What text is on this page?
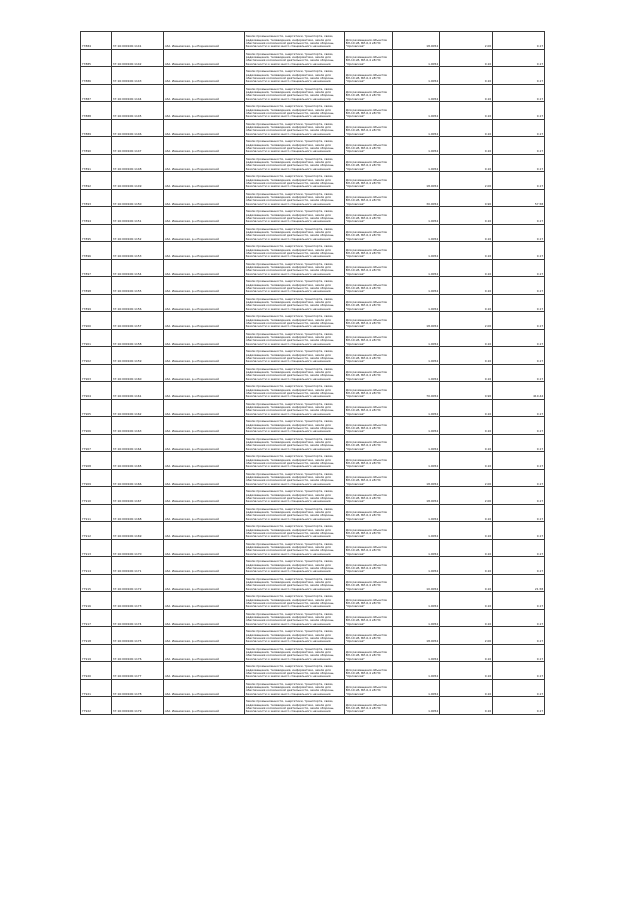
77884	37:16:000106:1141	обл. Ивановская, р-н Родниковский	Земли промышленности, энергетики, транспорта, связи, радиовещания, телевидения, информатики, земли для обеспечения космической деятельности, земли обороны, безопасности и земли иного специального назначения	Для размещения объектов ВЛ-10 кВ, ВЛ-0,4 кВ ПС "Орловская"	18.0054	2.00	0.17
77885	37:16:000106:1142	обл. Ивановская, р-н Родниковский	Земли промышленности, энергетики, транспорта, связи, радиовещания, телевидения, информатики, земли для обеспечения космической деятельности, земли обороны, безопасности и земли иного специального назначения	Для размещения объектов ВЛ-10 кВ, ВЛ-0,4 кВ ПС "Орловская"	1.0054	0.10	0.17
77886	37:16:000106:1143	обл. Ивановская, р-н Родниковский	Земли промышленности, энергетики, транспорта, связи, радиовещания, телевидения, информатики, земли для обеспечения космической деятельности, земли обороны, безопасности и земли иного специального назначения	Для размещения объектов ВЛ-10 кВ, ВЛ-0,4 кВ ПС "Орловская"	1.0054	0.10	0.17
77887	37:16:000106:1144	обл. Ивановская, р-н Родниковский	Земли промышленности, энергетики, транспорта, связи, радиовещания, телевидения, информатики, земли для обеспечения космической деятельности, земли обороны, безопасности и земли иного специального назначения	Для размещения объектов ВЛ-10 кВ, ВЛ-0,4 кВ ПС "Орловская"	1.0054	0.10	0.17
77888	37:16:000106:1145	обл. Ивановская, р-н Родниковский	Земли промышленности, энергетики, транспорта, связи, радиовещания, телевидения, информатики, земли для обеспечения космической деятельности, земли обороны, безопасности и земли иного специального назначения	Для размещения объектов ВЛ-10 кВ, ВЛ-0,4 кВ ПС "Орловская"	1.0054	0.10	0.17
77889	37:16:000106:1146	обл. Ивановская, р-н Родниковский	Земли промышленности, энергетики, транспорта, связи, радиовещания, телевидения, информатики, земли для обеспечения космической деятельности, земли обороны, безопасности и земли иного специального назначения	Для размещения объектов ВЛ-10 кВ, ВЛ-0,4 кВ ПС "Орловская"	1.0054	0.10	0.17
77890	37:16:000106:1147	обл. Ивановская, р-н Родниковский	Земли промышленности, энергетики, транспорта, связи, радиовещания, телевидения, информатики, земли для обеспечения космической деятельности, земли обороны, безопасности и земли иного специального назначения	Для размещения объектов ВЛ-10 кВ, ВЛ-0,4 кВ ПС "Орловская"	1.0054	0.10	0.17
77891	37:16:000106:1148	обл. Ивановская, р-н Родниковский	Земли промышленности, энергетики, транспорта, связи, радиовещания, телевидения, информатики, земли для обеспечения космической деятельности, земли обороны, безопасности и земли иного специального назначения	Для размещения объектов ВЛ-10 кВ, ВЛ-0,4 кВ ПС "Орловская"	1.0054	0.10	0.17
77892	37:16:000106:1149	обл. Ивановская, р-н Родниковский	Земли промышленности, энергетики, транспорта, связи, радиовещания, телевидения, информатики, земли для обеспечения космической деятельности, земли обороны, безопасности и земли иного специального назначения	Для размещения объектов ВЛ-10 кВ, ВЛ-0,4 кВ ПС "Орловская"	18.0054	2.00	0.17
77893	37:16:000106:1150	обл. Ивановская, р-н Родниковский	Земли промышленности, энергетики, транспорта, связи, радиовещания, телевидения, информатики, земли для обеспечения космической деятельности, земли обороны, безопасности и земли иного специального назначения	Для размещения объектов ВЛ-10 кВ, ВЛ-0,4 кВ ПС "Орловская"	30.0054	0.90	57.58
77894	37:16:000106:1151	обл. Ивановская, р-н Родниковский	Земли промышленности, энергетики, транспорта, связи, радиовещания, телевидения, информатики, земли для обеспечения космической деятельности, земли обороны, безопасности и земли иного специального назначения	Для размещения объектов ВЛ-10 кВ, ВЛ-0,4 кВ ПС "Орловская"	1.0054	0.10	0.17
77895	37:16:000106:1152	обл. Ивановская, р-н Родниковский	Земли промышленности, энергетики, транспорта, связи, радиовещания, телевидения, информатики, земли для обеспечения космической деятельности, земли обороны, безопасности и земли иного специального назначения	Для размещения объектов ВЛ-10 кВ, ВЛ-0,4 кВ ПС "Орловская"	1.0054	0.10	0.17
77896	37:16:000106:1153	обл. Ивановская, р-н Родниковский	Земли промышленности, энергетики, транспорта, связи, радиовещания, телевидения, информатики, земли для обеспечения космической деятельности, земли обороны, безопасности и земли иного специального назначения	Для размещения объектов ВЛ-10 кВ, ВЛ-0,4 кВ ПС "Орловская"	1.0054	0.10	0.17
77897	37:16:000106:1154	обл. Ивановская, р-н Родниковский	Земли промышленности, энергетики, транспорта, связи, радиовещания, телевидения, информатики, земли для обеспечения космической деятельности, земли обороны, безопасности и земли иного специального назначения	Для размещения объектов ВЛ-10 кВ, ВЛ-0,4 кВ ПС "Орловская"	1.0054	0.10	0.17
77898	37:16:000106:1155	обл. Ивановская, р-н Родниковский	Земли промышленности, энергетики, транспорта, связи, радиовещания, телевидения, информатики, земли для обеспечения космической деятельности, земли обороны, безопасности и земли иного специального назначения	Для размещения объектов ВЛ-10 кВ, ВЛ-0,4 кВ ПС "Орловская"	1.0054	0.10	0.17
77899	37:16:000106:1156	обл. Ивановская, р-н Родниковский	Земли промышленности, энергетики, транспорта, связи, радиовещания, телевидения, информатики, земли для обеспечения космической деятельности, земли обороны, безопасности и земли иного специального назначения	Для размещения объектов ВЛ-10 кВ, ВЛ-0,4 кВ ПС "Орловская"	1.0054	0.10	0.17
77900	37:16:000106:1157	обл. Ивановская, р-н Родниковский	Земли промышленности, энергетики, транспорта, связи, радиовещания, телевидения, информатики, земли для обеспечения космической деятельности, земли обороны, безопасности и земли иного специального назначения	Для размещения объектов ВЛ-10 кВ, ВЛ-0,4 кВ ПС "Орловская"	18.0054	2.00	0.17
77901	37:16:000106:1158	обл. Ивановская, р-н Родниковский	Земли промышленности, энергетики, транспорта, связи, радиовещания, телевидения, информатики, земли для обеспечения космической деятельности, земли обороны, безопасности и земли иного специального назначения	Для размещения объектов ВЛ-10 кВ, ВЛ-0,4 кВ ПС "Орловская"	1.0054	0.10	0.17
77902	37:16:000106:1159	обл. Ивановская, р-н Родниковский	Земли промышленности, энергетики, транспорта, связи, радиовещания, телевидения, информатики, земли для обеспечения космической деятельности, земли обороны, безопасности и земли иного специального назначения	Для размещения объектов ВЛ-10 кВ, ВЛ-0,4 кВ ПС "Орловская"	1.0054	0.10	0.17
77903	37:16:000106:1160	обл. Ивановская, р-н Родниковский	Земли промышленности, энергетики, транспорта, связи, радиовещания, телевидения, информатики, земли для обеспечения космической деятельности, земли обороны, безопасности и земли иного специального назначения	Для размещения объектов ВЛ-10 кВ, ВЛ-0,4 кВ ПС "Орловская"	1.0054	0.10	0.17
77904	37:16:000106:1161	обл. Ивановская, р-н Родниковский	Земли промышленности, энергетики, транспорта, связи, радиовещания, телевидения, информатики, земли для обеспечения космической деятельности, земли обороны, безопасности и земли иного специального назначения	Для размещения объектов ВЛ-10 кВ, ВЛ-0,4 кВ ПС "Орловская"	70.0054	0.90	410.44
77905	37:16:000106:1162	обл. Ивановская, р-н Родниковский	Земли промышленности, энергетики, транспорта, связи, радиовещания, телевидения, информатики, земли для обеспечения космической деятельности, земли обороны, безопасности и земли иного специального назначения	Для размещения объектов ВЛ-10 кВ, ВЛ-0,4 кВ ПС "Орловская"	1.0054	0.10	0.17
77906	37:16:000106:1163	обл. Ивановская, р-н Родниковский	Земли промышленности, энергетики, транспорта, связи, радиовещания, телевидения, информатики, земли для обеспечения космической деятельности, земли обороны, безопасности и земли иного специального назначения	Для размещения объектов ВЛ-10 кВ, ВЛ-0,4 кВ ПС "Орловская"	1.0054	0.10	0.17
77907	37:16:000106:1164	обл. Ивановская, р-н Родниковский	Земли промышленности, энергетики, транспорта, связи, радиовещания, телевидения, информатики, земли для обеспечения космической деятельности, земли обороны, безопасности и земли иного специального назначения	Для размещения объектов ВЛ-10 кВ, ВЛ-0,4 кВ ПС "Орловская"	1.0054	0.10	0.17
77908	37:16:000106:1165	обл. Ивановская, р-н Родниковский	Земли промышленности, энергетики, транспорта, связи, радиовещания, телевидения, информатики, земли для обеспечения космической деятельности, земли обороны, безопасности и земли иного специального назначения	Для размещения объектов ВЛ-10 кВ, ВЛ-0,4 кВ ПС "Орловская"	1.0054	0.10	0.17
77909	37:16:000106:1166	обл. Ивановская, р-н Родниковский	Земли промышленности, энергетики, транспорта, связи, радиовещания, телевидения, информатики, земли для обеспечения космической деятельности, земли обороны, безопасности и земли иного специального назначения	Для размещения объектов ВЛ-10 кВ, ВЛ-0,4 кВ ПС "Орловская"	18.0054	2.00	0.17
77910	37:16:000106:1167	обл. Ивановская, р-н Родниковский	Земли промышленности, энергетики, транспорта, связи, радиовещания, телевидения, информатики, земли для обеспечения космической деятельности, земли обороны, безопасности и земли иного специального назначения	Для размещения объектов ВЛ-10 кВ, ВЛ-0,4 кВ ПС "Орловская"	18.0054	2.00	0.17
77911	37:16:000106:1168	обл. Ивановская, р-н Родниковский	Земли промышленности, энергетики, транспорта, связи, радиовещания, телевидения, информатики, земли для обеспечения космической деятельности, земли обороны, безопасности и земли иного специального назначения	Для размещения объектов ВЛ-10 кВ, ВЛ-0,4 кВ ПС "Орловская"	1.0054	0.10	0.17
77912	37:16:000106:1169	обл. Ивановская, р-н Родниковский	Земли промышленности, энергетики, транспорта, связи, радиовещания, телевидения, информатики, земли для обеспечения космической деятельности, земли обороны, безопасности и земли иного специального назначения	Для размещения объектов ВЛ-10 кВ, ВЛ-0,4 кВ ПС "Орловская"	1.0054	0.10	0.17
77913	37:16:000106:1170	обл. Ивановская, р-н Родниковский	Земли промышленности, энергетики, транспорта, связи, радиовещания, телевидения, информатики, земли для обеспечения космической деятельности, земли обороны, безопасности и земли иного специального назначения	Для размещения объектов ВЛ-10 кВ, ВЛ-0,4 кВ ПС "Орловская"	1.0054	0.10	0.17
77914	37:16:000106:1171	обл. Ивановская, р-н Родниковский	Земли промышленности, энергетики, транспорта, связи, радиовещания, телевидения, информатики, земли для обеспечения космической деятельности, земли обороны, безопасности и земли иного специального назначения	Для размещения объектов ВЛ-10 кВ, ВЛ-0,4 кВ ПС "Орловская"	1.0054	0.10	0.17
77915	37:16:000106:1172	обл. Ивановская, р-н Родниковский	Земли промышленности, энергетики, транспорта, связи, радиовещания, телевидения, информатики, земли для обеспечения космической деятельности, земли обороны, безопасности и земли иного специального назначения	Для размещения объектов ВЛ-10 кВ, ВЛ-0,4 кВ ПС "Орловская"	10.0054	0.10	21.58
77916	37:16:000106:1173	обл. Ивановская, р-н Родниковский	Земли промышленности, энергетики, транспорта, связи, радиовещания, телевидения, информатики, земли для обеспечения космической деятельности, земли обороны, безопасности и земли иного специального назначения	Для размещения объектов ВЛ-10 кВ, ВЛ-0,4 кВ ПС "Орловская"	1.0054	0.10	0.17
77917	37:16:000106:1174	обл. Ивановская, р-н Родниковский	Земли промышленности, энергетики, транспорта, связи, радиовещания, телевидения, информатики, земли для обеспечения космической деятельности, земли обороны, безопасности и земли иного специального назначения	Для размещения объектов ВЛ-10 кВ, ВЛ-0,4 кВ ПС "Орловская"	1.0054	0.10	0.17
77918	37:16:000106:1175	обл. Ивановская, р-н Родниковский	Земли промышленности, энергетики, транспорта, связи, радиовещания, телевидения, информатики, земли для обеспечения космической деятельности, земли обороны, безопасности и земли иного специального назначения	Для размещения объектов ВЛ-10 кВ, ВЛ-0,4 кВ ПС "Орловская"	18.0054	2.00	0.17
77919	37:16:000106:1176	обл. Ивановская, р-н Родниковский	Земли промышленности, энергетики, транспорта, связи, радиовещания, телевидения, информатики, земли для обеспечения космической деятельности, земли обороны, безопасности и земли иного специального назначения	Для размещения объектов ВЛ-10 кВ, ВЛ-0,4 кВ ПС "Орловская"	1.0054	0.10	0.17
77920	37:16:000106:1177	обл. Ивановская, р-н Родниковский	Земли промышленности, энергетики, транспорта, связи, радиовещания, телевидения, информатики, земли для обеспечения космической деятельности, земли обороны, безопасности и земли иного специального назначения	Для размещения объектов ВЛ-10 кВ, ВЛ-0,4 кВ ПС "Орловская"	1.0054	0.10	0.17
77921	37:16:000106:1178	обл. Ивановская, р-н Родниковский	Земли промышленности, энергетики, транспорта, связи, радиовещания, телевидения, информатики, земли для обеспечения космической деятельности, земли обороны, безопасности и земли иного специального назначения	Для размещения объектов ВЛ-10 кВ, ВЛ-0,4 кВ ПС "Орловская"	1.0054	0.10	0.17
77922	37:16:000106:1179	обл. Ивановская, р-н Родниковский	Земли промышленности, энергетики, транспорта, связи, радиовещания, телевидения, информатики, земли для обеспечения космической деятельности, земли обороны, безопасности и земли иного специального назначения	Для размещения объектов ВЛ-10 кВ, ВЛ-0,4 кВ ПС "Орловская"	1.0054	0.10	0.17
